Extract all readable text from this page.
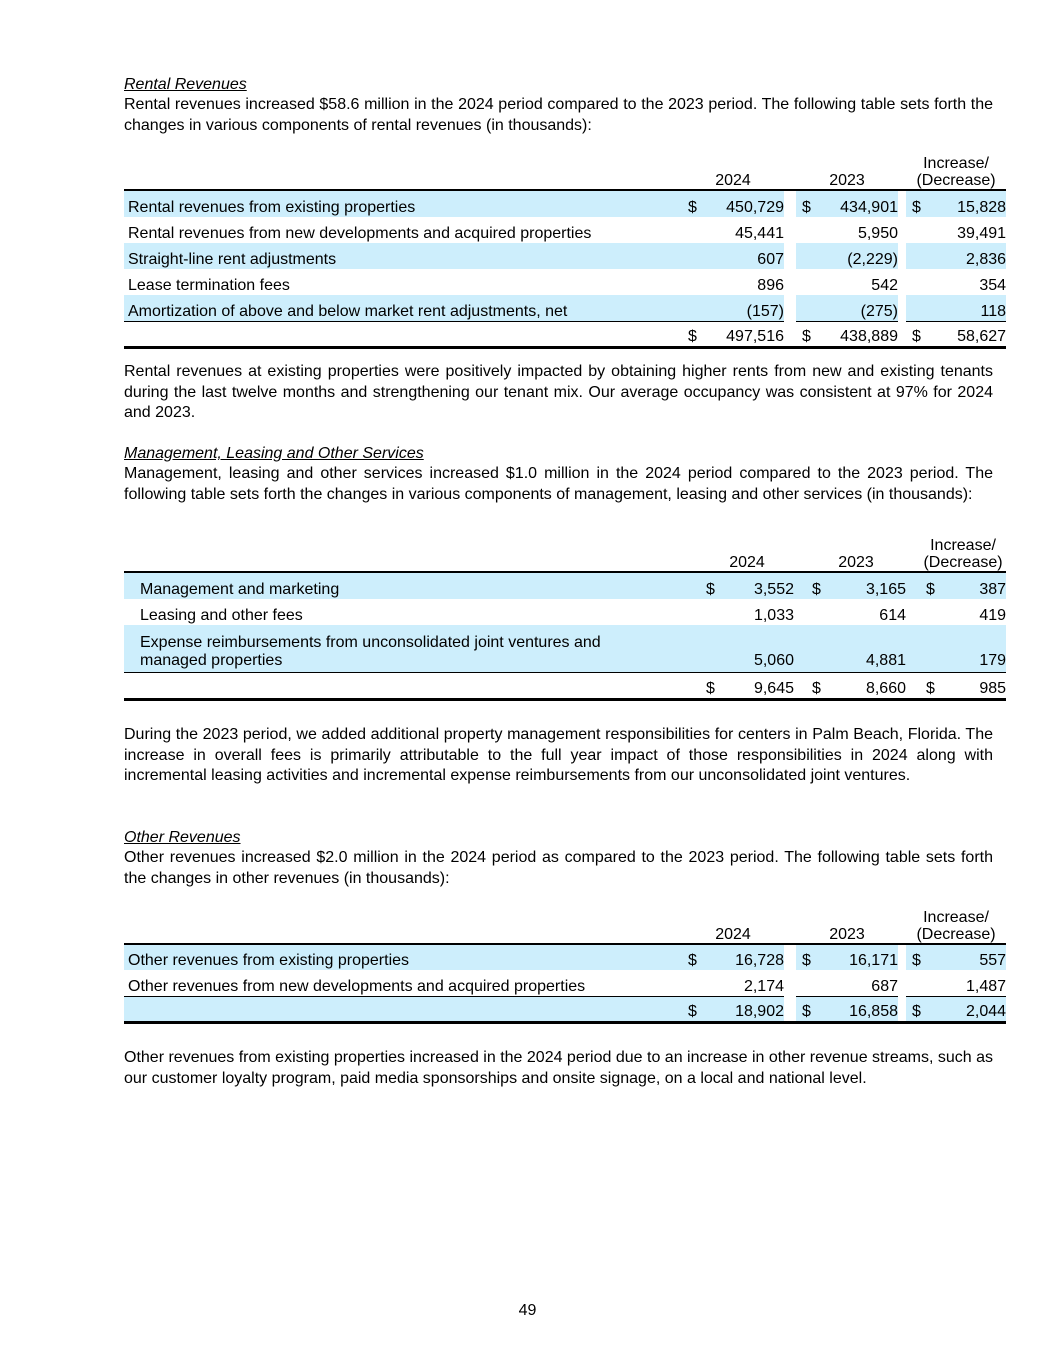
Rental Revenues
Rental revenues increased $58.6 million in the 2024 period compared to the 2023 period. The following table sets forth the changes in various components of rental revenues (in thousands):
	2024			2023			Increase/
(Decrease)	
Rental revenues from existing properties	$	450,729		$	434,901		$	15,828
Rental revenues from new developments and acquired properties		45,441			5,950			39,491
Straight-line rent adjustments		607			(2,229)			2,836
Lease termination fees		896			542			354
Amortization of above and below market rent adjustments, net		(157)			(275)			118
	$	497,516		$	438,889		$	58,627
Rental revenues at existing properties were positively impacted by obtaining higher rents from new and existing tenants during the last twelve months and strengthening our tenant mix. Our average occupancy was consistent at 97% for 2024 and 2023.
Management, Leasing and Other Services
Management, leasing and other services increased $1.0 million in the 2024 period compared to the 2023 period. The following table sets forth the changes in various components of management, leasing and other services (in thousands):
	2024			2023			Increase/
(Decrease)	
Management and marketing	$	3,552		$	3,165		$	387
Leasing and other fees		1,033			614			419
Expense reimbursements from unconsolidated joint ventures and
managed properties		5,060			4,881			179
	$	9,645		$	8,660		$	985
During the 2023 period, we added additional property management responsibilities for centers in Palm Beach, Florida. The increase in overall fees is primarily attributable to the full year impact of those responsibilities in 2024 along with incremental leasing activities and incremental expense reimbursements from our unconsolidated joint ventures.
Other Revenues
Other revenues increased $2.0 million in the 2024 period as compared to the 2023 period. The following table sets forth the changes in other revenues (in thousands):
	2024			2023			Increase/
(Decrease)	
Other revenues from existing properties	$	16,728		$	16,171		$	557
Other revenues from new developments and acquired properties		2,174			687			1,487
	$	18,902		$	16,858		$	2,044
Other revenues from existing properties increased in the 2024 period due to an increase in other revenue streams, such as our customer loyalty program, paid media sponsorships and onsite signage, on a local and national level.
49
